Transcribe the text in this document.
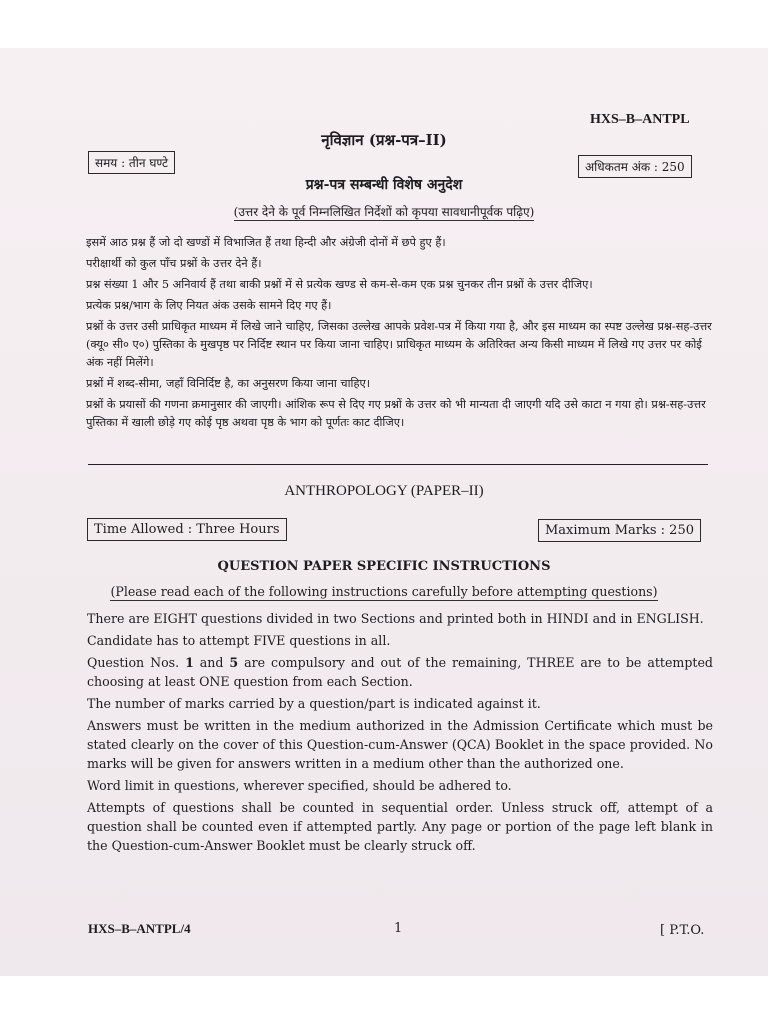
HXS–B–ANTPL
नृविज्ञान (प्रश्न-पत्र–II)
समय : तीन घण्टे	अधिकतम अंक : 250
प्रश्न-पत्र सम्बन्धी विशेष अनुदेश
(उत्तर देने के पूर्व निम्नलिखित निर्देशों को कृपया सावधानीपूर्वक पढ़िए)

इसमें आठ प्रश्न हैं जो दो खण्डों में विभाजित हैं तथा हिन्दी और अंग्रेजी दोनों में छपे हुए हैं।

परीक्षार्थी को कुल पाँच प्रश्नों के उत्तर देने हैं।

प्रश्न संख्या 1 और 5 अनिवार्य हैं तथा बाकी प्रश्नों में से प्रत्येक खण्ड से कम-से-कम एक प्रश्न चुनकर तीन प्रश्नों के उत्तर दीजिए।

प्रत्येक प्रश्न/भाग के लिए नियत अंक उसके सामने दिए गए हैं।

प्रश्नों के उत्तर उसी प्राधिकृत माध्यम में लिखे जाने चाहिए, जिसका उल्लेख आपके प्रवेश-पत्र में किया गया है, और इस माध्यम का स्पष्ट उल्लेख प्रश्न-सह-उत्तर (क्यू० सी० ए०) पुस्तिका के मुखपृष्ठ पर निर्दिष्ट स्थान पर किया जाना चाहिए। प्राधिकृत माध्यम के अतिरिक्त अन्य किसी माध्यम में लिखे गए उत्तर पर कोई अंक नहीं मिलेंगे।

प्रश्नों में शब्द-सीमा, जहाँ विनिर्दिष्ट है, का अनुसरण किया जाना चाहिए।

प्रश्नों के प्रयासों की गणना क्रमानुसार की जाएगी। आंशिक रूप से दिए गए प्रश्नों के उत्तर को भी मान्यता दी जाएगी यदि उसे काटा न गया हो। प्रश्न-सह-उत्तर पुस्तिका में खाली छोड़े गए कोई पृष्ठ अथवा पृष्ठ के भाग को पूर्णतः काट दीजिए।

ANTHROPOLOGY (PAPER–II)
Time Allowed : Three Hours	Maximum Marks : 250
QUESTION PAPER SPECIFIC INSTRUCTIONS
(Please read each of the following instructions carefully before attempting questions)

There are EIGHT questions divided in two Sections and printed both in HINDI and in ENGLISH.

Candidate has to attempt FIVE questions in all.

Question Nos. 1 and 5 are compulsory and out of the remaining, THREE are to be attempted choosing at least ONE question from each Section.

The number of marks carried by a question/part is indicated against it.

Answers must be written in the medium authorized in the Admission Certificate which must be stated clearly on the cover of this Question-cum-Answer (QCA) Booklet in the space provided. No marks will be given for answers written in a medium other than the authorized one.

Word limit in questions, wherever specified, should be adhered to.

Attempts of questions shall be counted in sequential order. Unless struck off, attempt of a question shall be counted even if attempted partly. Any page or portion of the page left blank in the Question-cum-Answer Booklet must be clearly struck off.

HXS–B–ANTPL/4	1	[ P.T.O.
